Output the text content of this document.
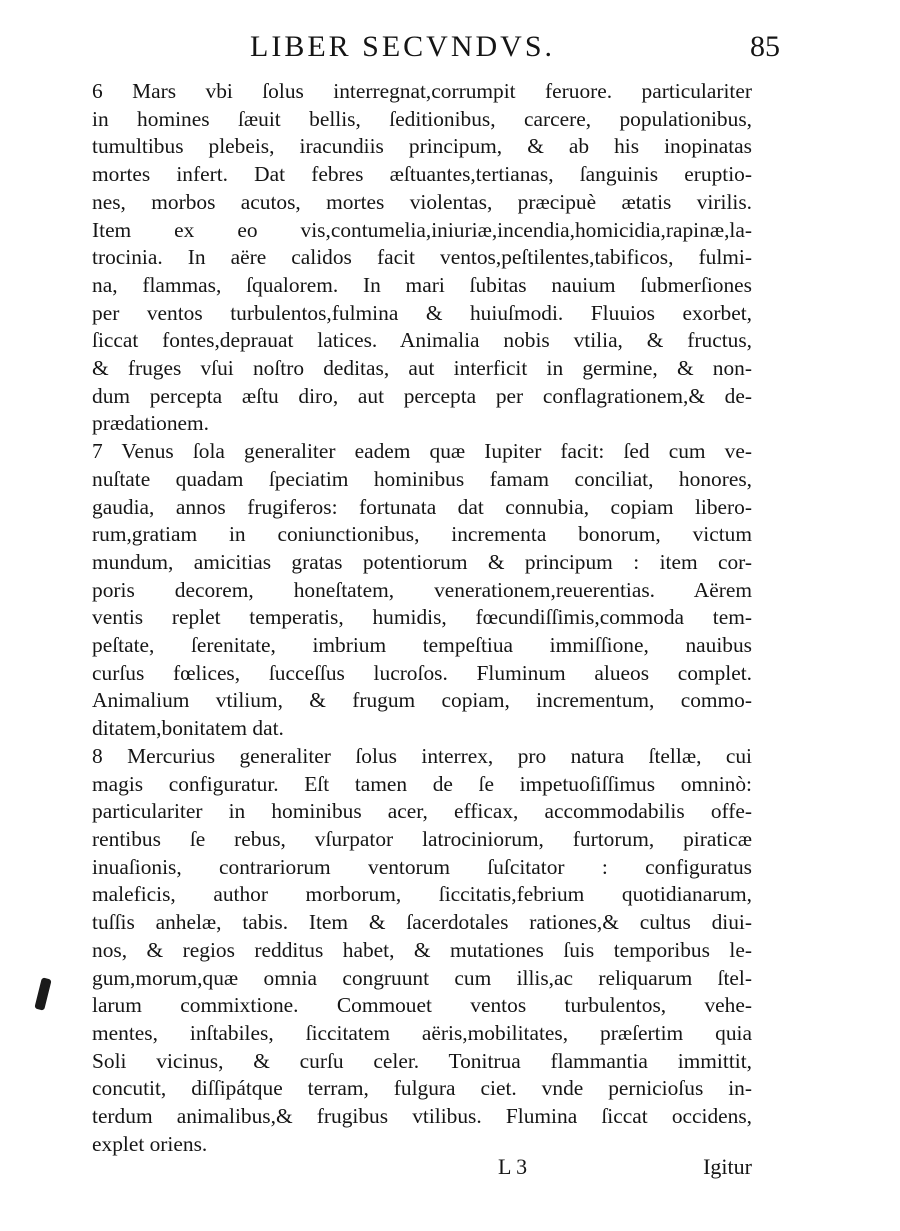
LIBER SECVNDVS.	85
6 Mars vbi ſolus interregnat,corrumpit feruore. particulariter
in homines ſæuit bellis, ſeditionibus, carcere, populationibus,
tumultibus plebeis, iracundiis principum, & ab his inopinatas
mortes infert. Dat febres æſtuantes,tertianas, ſanguinis eruptio-
nes, morbos acutos, mortes violentas, præcipuè ætatis virilis.
Item ex eo vis,contumelia,iniuriæ,incendia,homicidia,rapinæ,la-
trocinia. In aëre calidos facit ventos,peſtilentes,tabificos, fulmi-
na, flammas, ſqualorem. In mari ſubitas nauium ſubmerſiones
per ventos turbulentos,fulmina & huiuſmodi. Fluuios exorbet,
ſiccat fontes,deprauat latices. Animalia nobis vtilia, & fructus,
& fruges vſui noſtro deditas, aut interficit in germine, & non-
dum percepta æſtu diro, aut percepta per conflagrationem,& de-
prædationem.
7 Venus ſola generaliter eadem quæ Iupiter facit: ſed cum ve-
nuſtate quadam ſpeciatim hominibus famam conciliat, honores,
gaudia, annos frugiferos: fortunata dat connubia, copiam libero-
rum,gratiam in coniunctionibus, incrementa bonorum, victum
mundum, amicitias gratas potentiorum & principum : item cor-
poris decorem, honeſtatem, venerationem,reuerentias. Aërem
ventis replet temperatis, humidis, fœcundiſſimis,commoda tem-
peſtate, ſerenitate, imbrium tempeſtiua immiſſione, nauibus
curſus fœlices, ſucceſſus lucroſos. Fluminum alueos complet.
Animalium vtilium, & frugum copiam, incrementum, commo-
ditatem,bonitatem dat.
8 Mercurius generaliter ſolus interrex, pro natura ſtellæ, cui
magis configuratur. Eſt tamen de ſe impetuoſiſſimus omninò:
particulariter in hominibus acer, efficax, accommodabilis offe-
rentibus ſe rebus, vſurpator latrociniorum, furtorum, piraticæ
inuaſionis, contrariorum ventorum ſuſcitator : configuratus
maleficis, author morborum, ſiccitatis,febrium quotidianarum,
tuſſis anhelæ, tabis. Item & ſacerdotales rationes,& cultus diui-
nos, & regios redditus habet, & mutationes ſuis temporibus le-
gum,morum,quæ omnia congruunt cum illis,ac reliquarum ſtel-
larum commixtione. Commouet ventos turbulentos, vehe-
mentes, inſtabiles, ſiccitatem aëris,mobilitates, præſertim quia
Soli vicinus, & curſu celer. Tonitrua flammantia immittit,
concutit, diſſipátque terram, fulgura ciet. vnde pernicioſus in-
terdum animalibus,& frugibus vtilibus. Flumina ſiccat occidens,
explet oriens.
L 3	Igitur
